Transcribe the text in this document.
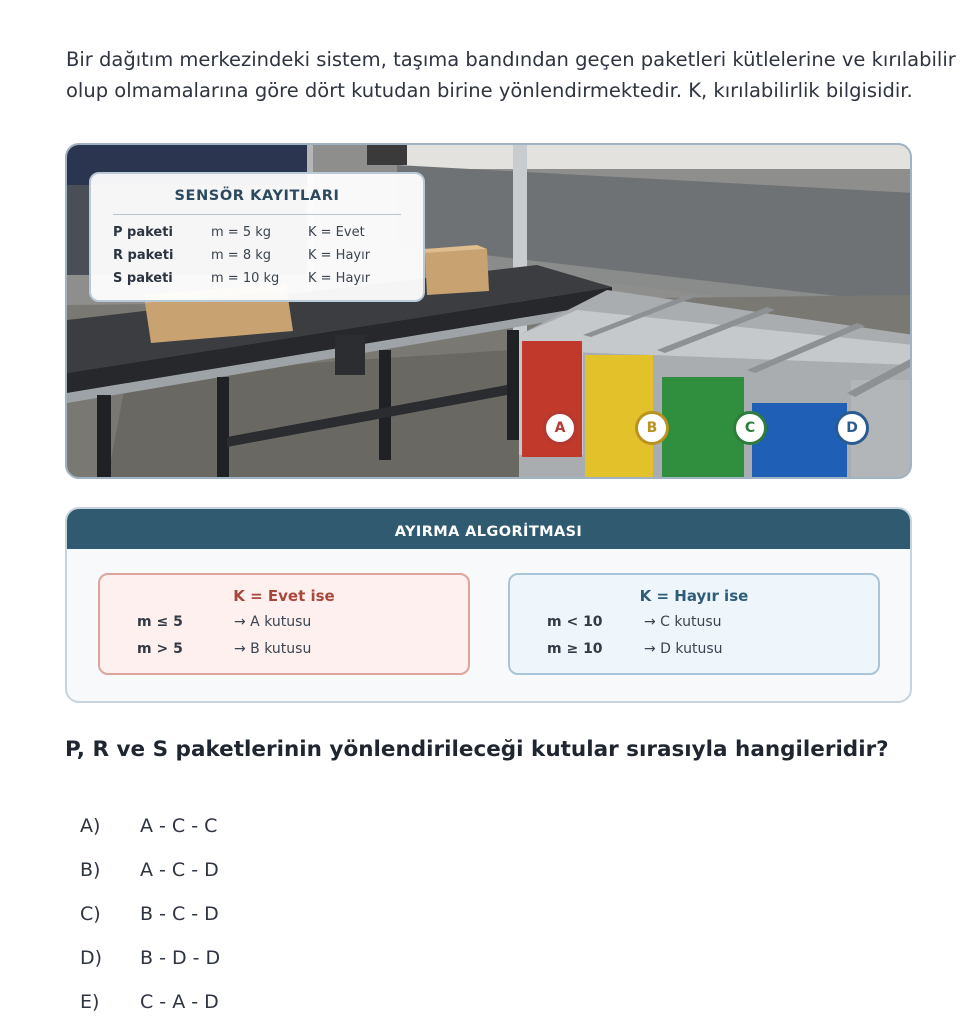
Bir dağıtım merkezindeki sistem, taşıma bandından geçen paketleri kütlelerine ve kırılabilir olup olmamalarına göre dört kutudan birine yönlendirmektedir. K, kırılabilirlik bilgisidir.

SENSÖR KAYITLARI
P paketi	m = 5 kg	K = Evet
R paketi	m = 8 kg	K = Hayır
S paketi	m = 10 kg	K = Hayır
A	B	C	D
AYIRMA ALGORİTMASI
K = Evet ise
m ≤ 5	→ A kutusu
m > 5	→ B kutusu
K = Hayır ise
m < 10	→ C kutusu
m ≥ 10	→ D kutusu

P, R ve S paketlerinin yönlendirileceği kutular sırasıyla hangileridir?

A)	A - C - C
B)	A - C - D
C)	B - C - D
D)	B - D - D
E)	C - A - D
